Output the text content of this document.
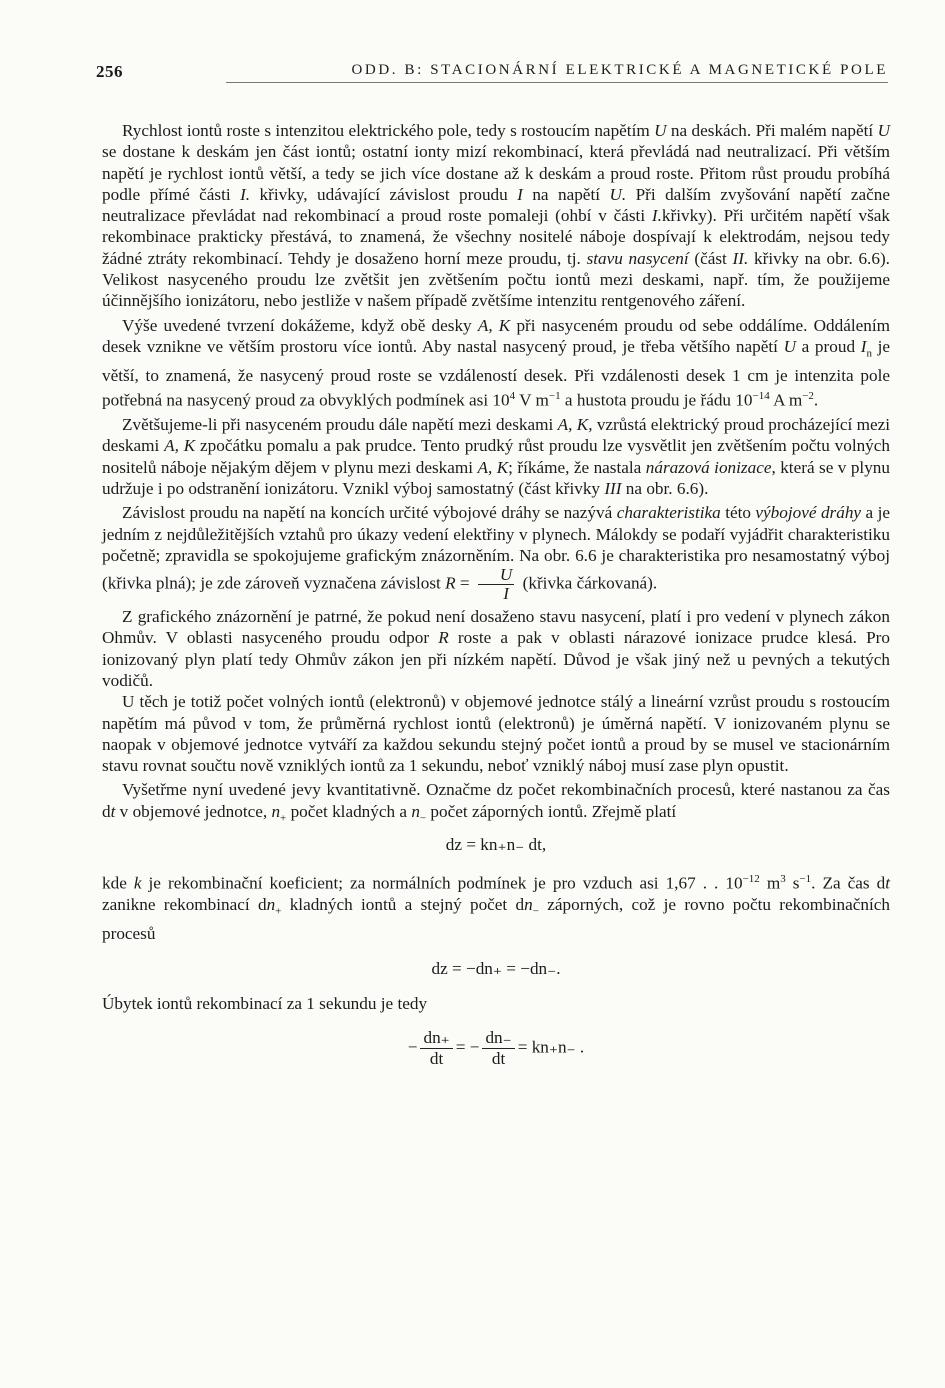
256	ODD. B: STACIONÁRNÍ ELEKTRICKÉ A MAGNETICKÉ POLE

Rychlost iontů roste s intenzitou elektrického pole, tedy s rostoucím napětím U na deskách. Při malém napětí U se dostane k deskám jen část iontů; ostatní ionty mizí rekombinací, která převládá nad neutralizací. Při větším napětí je rychlost iontů větší, a tedy se jich více dostane až k deskám a proud roste. Přitom růst proudu probíhá podle přímé části I. křivky, udávající závislost proudu I na napětí U. Při dalším zvyšování napětí začne neutralizace převládat nad rekombinací a proud roste pomaleji (ohbí v části I.křivky). Při určitém napětí však rekombinace prakticky přestává, to znamená, že všechny nositelé náboje dospívají k elektrodám, nejsou tedy žádné ztráty rekombinací. Tehdy je dosaženo horní meze proudu, tj. stavu nasycení (část II. křivky na obr. 6.6). Velikost nasyceného proudu lze zvětšit jen zvětšením počtu iontů mezi deskami, např. tím, že použijeme účinnějšího ionizátoru, nebo jestliže v našem případě zvětšíme intenzitu rentgenového záření.

Výše uvedené tvrzení dokážeme, když obě desky A, K při nasyceném proudu od sebe oddálíme. Oddálením desek vznikne ve větším prostoru více iontů. Aby nastal nasycený proud, je třeba většího napětí U a proud $I_n$ je větší, to znamená, že nasycený proud roste se vzdáleností desek. Při vzdálenosti desek 1 cm je intenzita pole potřebná na nasycený proud za obvyklých podmínek asi $10^4$ V $m^{-1}$ a hustota proudu je řádu $10^{-14}$ A $m^{-2}$.

Zvětšujeme-li při nasyceném proudu dále napětí mezi deskami A, K, vzrůstá elektrický proud procházející mezi deskami A, K zpočátku pomalu a pak prudce. Tento prudký růst proudu lze vysvětlit jen zvětšením počtu volných nositelů náboje nějakým dějem v plynu mezi deskami A, K; říkáme, že nastala nárazová ionizace, která se v plynu udržuje i po odstranění ionizátoru. Vznikl výboj samostatný (část křivky III na obr. 6.6).

Závislost proudu na napětí na koncích určité výbojové dráhy se nazývá charakteristika této výbojové dráhy a je jedním z nejdůležitějších vztahů pro úkazy vedení elektřiny v plynech. Málokdy se podaří vyjádřit charakteristiku početně; zpravidla se spokojujeme grafickým znázorněním. Na obr. 6.6 je charakteristika pro nesamostatný výboj (křivka plná); je zde zároveň vyznačena závislost $R = \frac{U}{I}$ (křivka čárkovaná).

Z grafického znázornění je patrné, že pokud není dosaženo stavu nasycení, platí i pro vedení v plynech zákon Ohmův. V oblasti nasyceného proudu odpor R roste a pak v oblasti nárazové ionizace prudce klesá. Pro ionizovaný plyn platí tedy Ohmův zákon jen při nízkém napětí. Důvod je však jiný než u pevných a tekutých vodičů.

U těch je totiž počet volných iontů (elektronů) v objemové jednotce stálý a lineární vzrůst proudu s rostoucím napětím má původ v tom, že průměrná rychlost iontů (elektronů) je úměrná napětí. V ionizovaném plynu se naopak v objemové jednotce vytváří za každou sekundu stejný počet iontů a proud by se musel ve stacionárním stavu rovnat součtu nově vzniklých iontů za 1 sekundu, neboť vzniklý náboj musí zase plyn opustit.

Vyšetřme nyní uvedené jevy kvantitativně. Označme dz počet rekombinačních procesů, které nastanou za čas dt v objemové jednotce, $n_+$ počet kladných a $n_-$ počet záporných iontů. Zřejmě platí

dz = kn₊n₋ dt,

kde k je rekombinační koeficient; za normálních podmínek je pro vzduch asi 1,67 . . $10^{-12}$ $m^3$ $s^{-1}$. Za čas dt zanikne rekombinací $dn_+$ kladných iontů a stejný počet $dn_-$ záporných, což je rovno počtu rekombinačních procesů

dz = −dn₊ = −dn₋.

Úbytek iontů rekombinací za 1 sekundu je tedy

− $\frac{dn_+}{dt}$ = − $\frac{dn_-}{dt} = kn_+n_-$ .
